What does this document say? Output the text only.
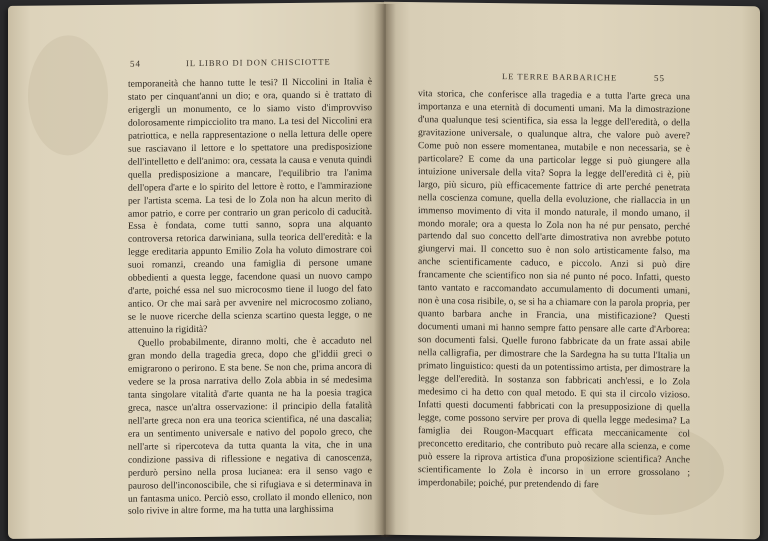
54	IL LIBRO DI DON CHISCIOTTE

temporaneità che hanno tutte le tesi? Il Niccolini in Italia è stato per cinquant'anni un dio; e ora, quando si è trattato di erigergli un monumento, ce lo siamo visto d'improvviso dolorosamente rimpicciolito tra mano. La tesi del Niccolini era patriottica, e nella rappresentazione o nella lettura delle opere sue rasciavano il lettore e lo spettatore una predisposizione dell'intelletto e dell'animo: ora, cessata la causa e venuta quindi quella predisposizione a mancare, l'equilibrio tra l'anima dell'opera d'arte e lo spirito del lettore è rotto, e l'ammirazione per l'artista scema. La tesi de lo Zola non ha alcun merito di amor patrio, e corre per contrario un gran pericolo di caducità. Essa è fondata, come tutti sanno, sopra una alquanto controversa retorica darwiniana, sulla teorica dell'eredità: e la legge ereditaria appunto Emilio Zola ha voluto dimostrare coi suoi romanzi, creando una famiglia di persone umane obbedienti a questa legge, facendone quasi un nuovo campo d'arte, poiché essa nel suo microcosmo tiene il luogo del fato antico. Or che mai sarà per avvenire nel microcosmo zoliano, se le nuove ricerche della scienza scartino questa legge, o ne attenuino la rigidità?

Quello probabilmente, diranno molti, che è accaduto nel gran mondo della tragedia greca, dopo che gl'iddii greci o emigrarono o perirono. E sta bene. Se non che, prima ancora di vedere se la prosa narrativa dello Zola abbia in sé medesima tanta singolare vitalità d'arte quanta ne ha la poesia tragica greca, nasce un'altra osservazione: il principio della fatalità nell'arte greca non era una teorica scientifica, né una dascalia; era un sentimento universale e nativo del popolo greco, che nell'arte si ripercoteva da tutta quanta la vita, che in una condizione passiva di riflessione e negativa di canoscenza, perdurò persino nella prosa lucianea: era il senso vago e pauroso dell'inconoscibile, che si rifugiava e si determinava in un fantasma unico. Perciò esso, crollato il mondo ellenico, non solo rivive in altre forme, ma ha tutta una larghissima

LE TERRE BARBARICHE	55

vita storica, che conferisce alla tragedia e a tutta l'arte greca una importanza e una eternità di documenti umani. Ma la dimostrazione d'una qualunque tesi scientifica, sia essa la legge dell'eredità, o della gravitazione universale, o qualunque altra, che valore può avere? Come può non essere momentanea, mutabile e non necessaria, se è particolare? E come da una particolar legge si può giungere alla intuizione universale della vita? Sopra la legge dell'eredità ci è, più largo, più sicuro, più efficacemente fattrice di arte perché penetrata nella coscienza comune, quella della evoluzione, che riallaccia in un immenso movimento di vita il mondo naturale, il mondo umano, il mondo morale; ora a questa lo Zola non ha né pur pensato, perché partendo dal suo concetto dell'arte dimostrativa non avrebbe potuto giungervi mai. Il concetto suo è non solo artisticamente falso, ma anche scientificamente caduco, e piccolo. Anzi si può dire francamente che scientifico non sia né punto né poco. Infatti, questo tanto vantato e raccomandato accumulamento di documenti umani, non è una cosa risibile, o, se si ha a chiamare con la parola propria, per quanto barbara anche in Francia, una mistificazione? Questi documenti umani mi hanno sempre fatto pensare alle carte d'Arborea: son documenti falsi. Quelle furono fabbricate da un frate assai abile nella calligrafia, per dimostrare che la Sardegna ha su tutta l'Italia un primato linguistico: questi da un potentissimo artista, per dimostrare la legge dell'eredità. In sostanza son fabbricati anch'essi, e lo Zola medesimo ci ha detto con qual metodo. E qui sta il circolo vizioso. Infatti questi documenti fabbricati con la presupposizione di quella legge, come possono servire per prova di quella legge medesima? La famiglia dei Rougon-Macquart efficata meccanicamente col preconcetto ereditario, che contributo può recare alla scienza, e come può essere la riprova artistica d'una proposizione scientifica? Anche scientificamente lo Zola è incorso in un errore grossolano ; imperdonabile; poiché, pur pretendendo di fare
